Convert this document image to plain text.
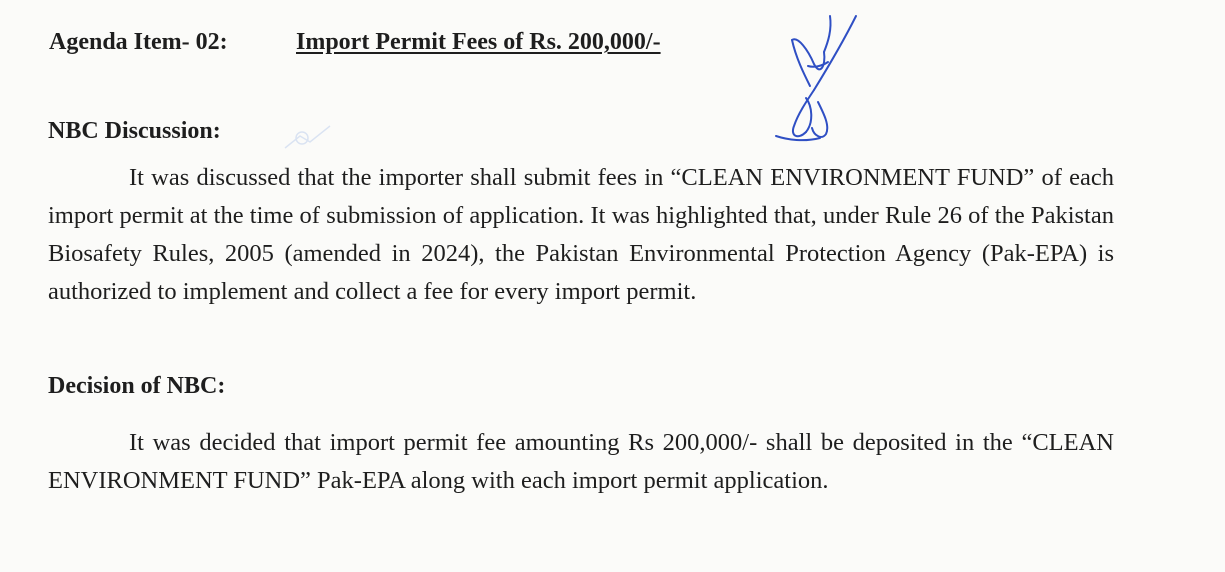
Agenda Item- 02:	Import Permit Fees of Rs. 200,000/-
NBC Discussion:
It was discussed that the importer shall submit fees in “CLEAN ENVIRONMENT FUND” of each import permit at the time of submission of application. It was highlighted that, under Rule 26 of the Pakistan Biosafety Rules, 2005 (amended in 2024), the Pakistan Environmental Protection Agency (Pak-EPA) is authorized to implement and collect a fee for every import permit.
Decision of NBC:
It was decided that import permit fee amounting Rs 200,000/- shall be deposited in the “CLEAN ENVIRONMENT FUND” Pak-EPA along with each import permit application.
